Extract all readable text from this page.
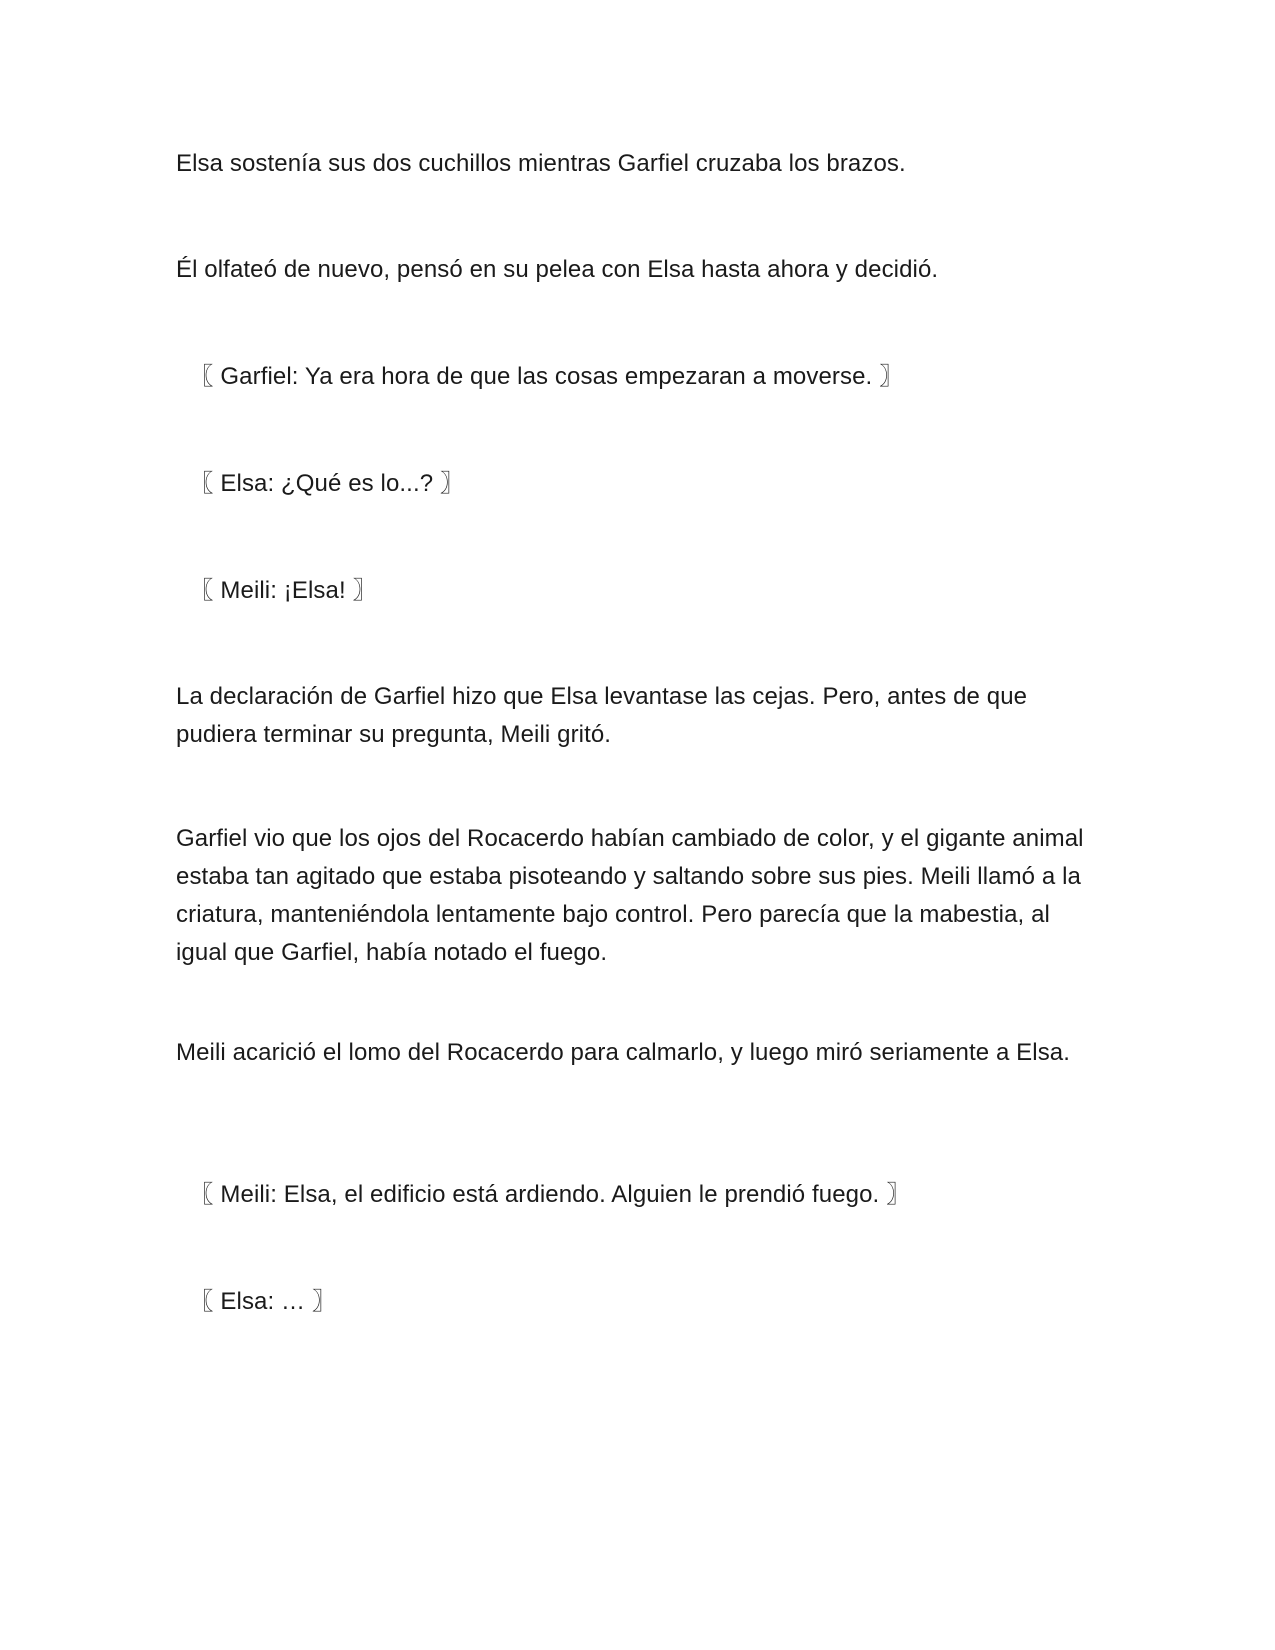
Elsa sostenía sus dos cuchillos mientras Garfiel cruzaba los brazos.

Él olfateó de nuevo, pensó en su pelea con Elsa hasta ahora y decidió.

〖 Garfiel: Ya era hora de que las cosas empezaran a moverse. 〗

〖 Elsa: ¿Qué es lo...? 〗

〖 Meili: ¡Elsa! 〗

La declaración de Garfiel hizo que Elsa levantase las cejas. Pero, antes de que pudiera terminar su pregunta, Meili gritó.

Garfiel vio que los ojos del Rocacerdo habían cambiado de color, y el gigante animal estaba tan agitado que estaba pisoteando y saltando sobre sus pies. Meili llamó a la criatura, manteniéndola lentamente bajo control. Pero parecía que la mabestia, al igual que Garfiel, había notado el fuego.

Meili acarició el lomo del Rocacerdo para calmarlo, y luego miró seriamente a Elsa.

〖 Meili: Elsa, el edificio está ardiendo. Alguien le prendió fuego. 〗

〖 Elsa: … 〗
